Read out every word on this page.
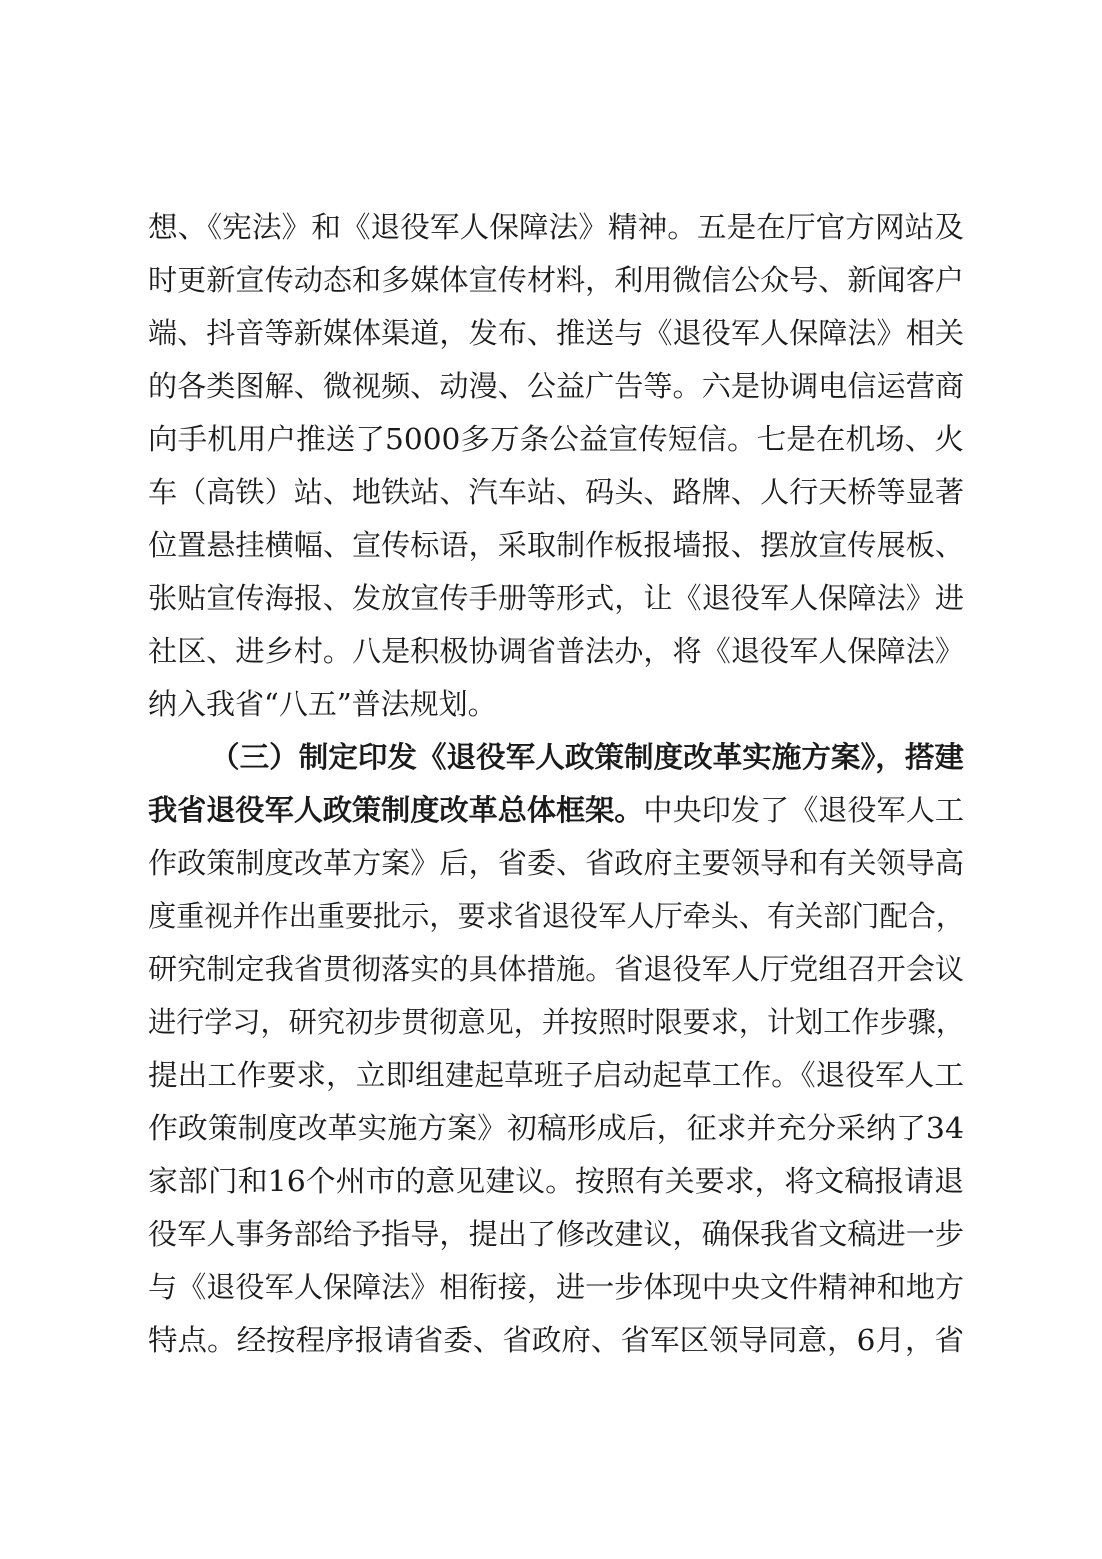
想、《宪法》和《退役军人保障法》精神。五是在厅官方网站及
时更新宣传动态和多媒体宣传材料，利用微信公众号、新闻客户
端、抖音等新媒体渠道，发布、推送与《退役军人保障法》相关
的各类图解、微视频、动漫、公益广告等。六是协调电信运营商
向手机用户推送了5000多万条公益宣传短信。七是在机场、火
车（高铁）站、地铁站、汽车站、码头、路牌、人行天桥等显著
位置悬挂横幅、宣传标语，采取制作板报墙报、摆放宣传展板、
张贴宣传海报、发放宣传手册等形式，让《退役军人保障法》进
社区、进乡村。八是积极协调省普法办，将《退役军人保障法》
纳入我省“八五”普法规划。
（三）制定印发《退役军人政策制度改革实施方案》，搭建
我省退役军人政策制度改革总体框架。中央印发了《退役军人工
作政策制度改革方案》后，省委、省政府主要领导和有关领导高
度重视并作出重要批示，要求省退役军人厅牵头、有关部门配合，
研究制定我省贯彻落实的具体措施。省退役军人厅党组召开会议
进行学习，研究初步贯彻意见，并按照时限要求，计划工作步骤，
提出工作要求，立即组建起草班子启动起草工作。《退役军人工
作政策制度改革实施方案》初稿形成后，征求并充分采纳了34
家部门和16个州市的意见建议。按照有关要求，将文稿报请退
役军人事务部给予指导，提出了修改建议，确保我省文稿进一步
与《退役军人保障法》相衔接，进一步体现中央文件精神和地方
特点。经按程序报请省委、省政府、省军区领导同意，6月，省
